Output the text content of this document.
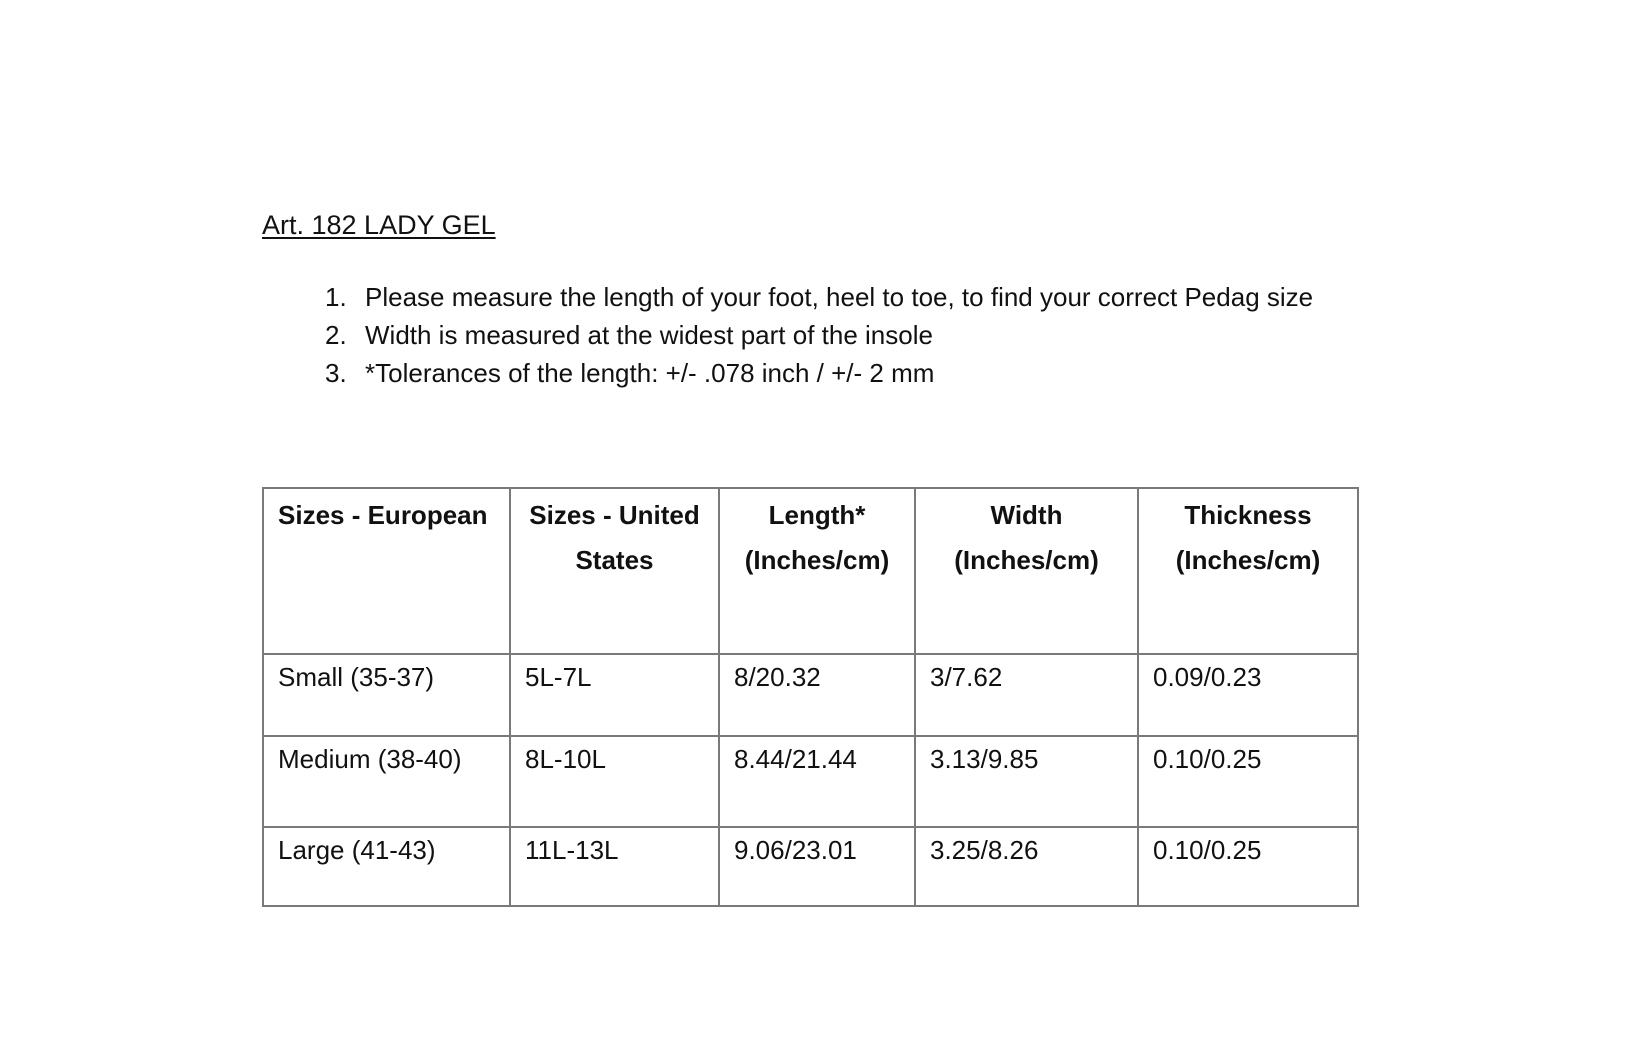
Art. 182 LADY GEL
1. Please measure the length of your foot, heel to toe, to find your correct Pedag size
2. Width is measured at the widest part of the insole
3. *Tolerances of the length: +/- .078 inch / +/- 2 mm
Sizes - European	Sizes - United States	Length* (Inches/cm)	Width (Inches/cm)	Thickness (Inches/cm)
Small (35-37)	5L-7L	8/20.32	3/7.62	0.09/0.23
Medium (38-40)	8L-10L	8.44/21.44	3.13/9.85	0.10/0.25
Large (41-43)	11L-13L	9.06/23.01	3.25/8.26	0.10/0.25
